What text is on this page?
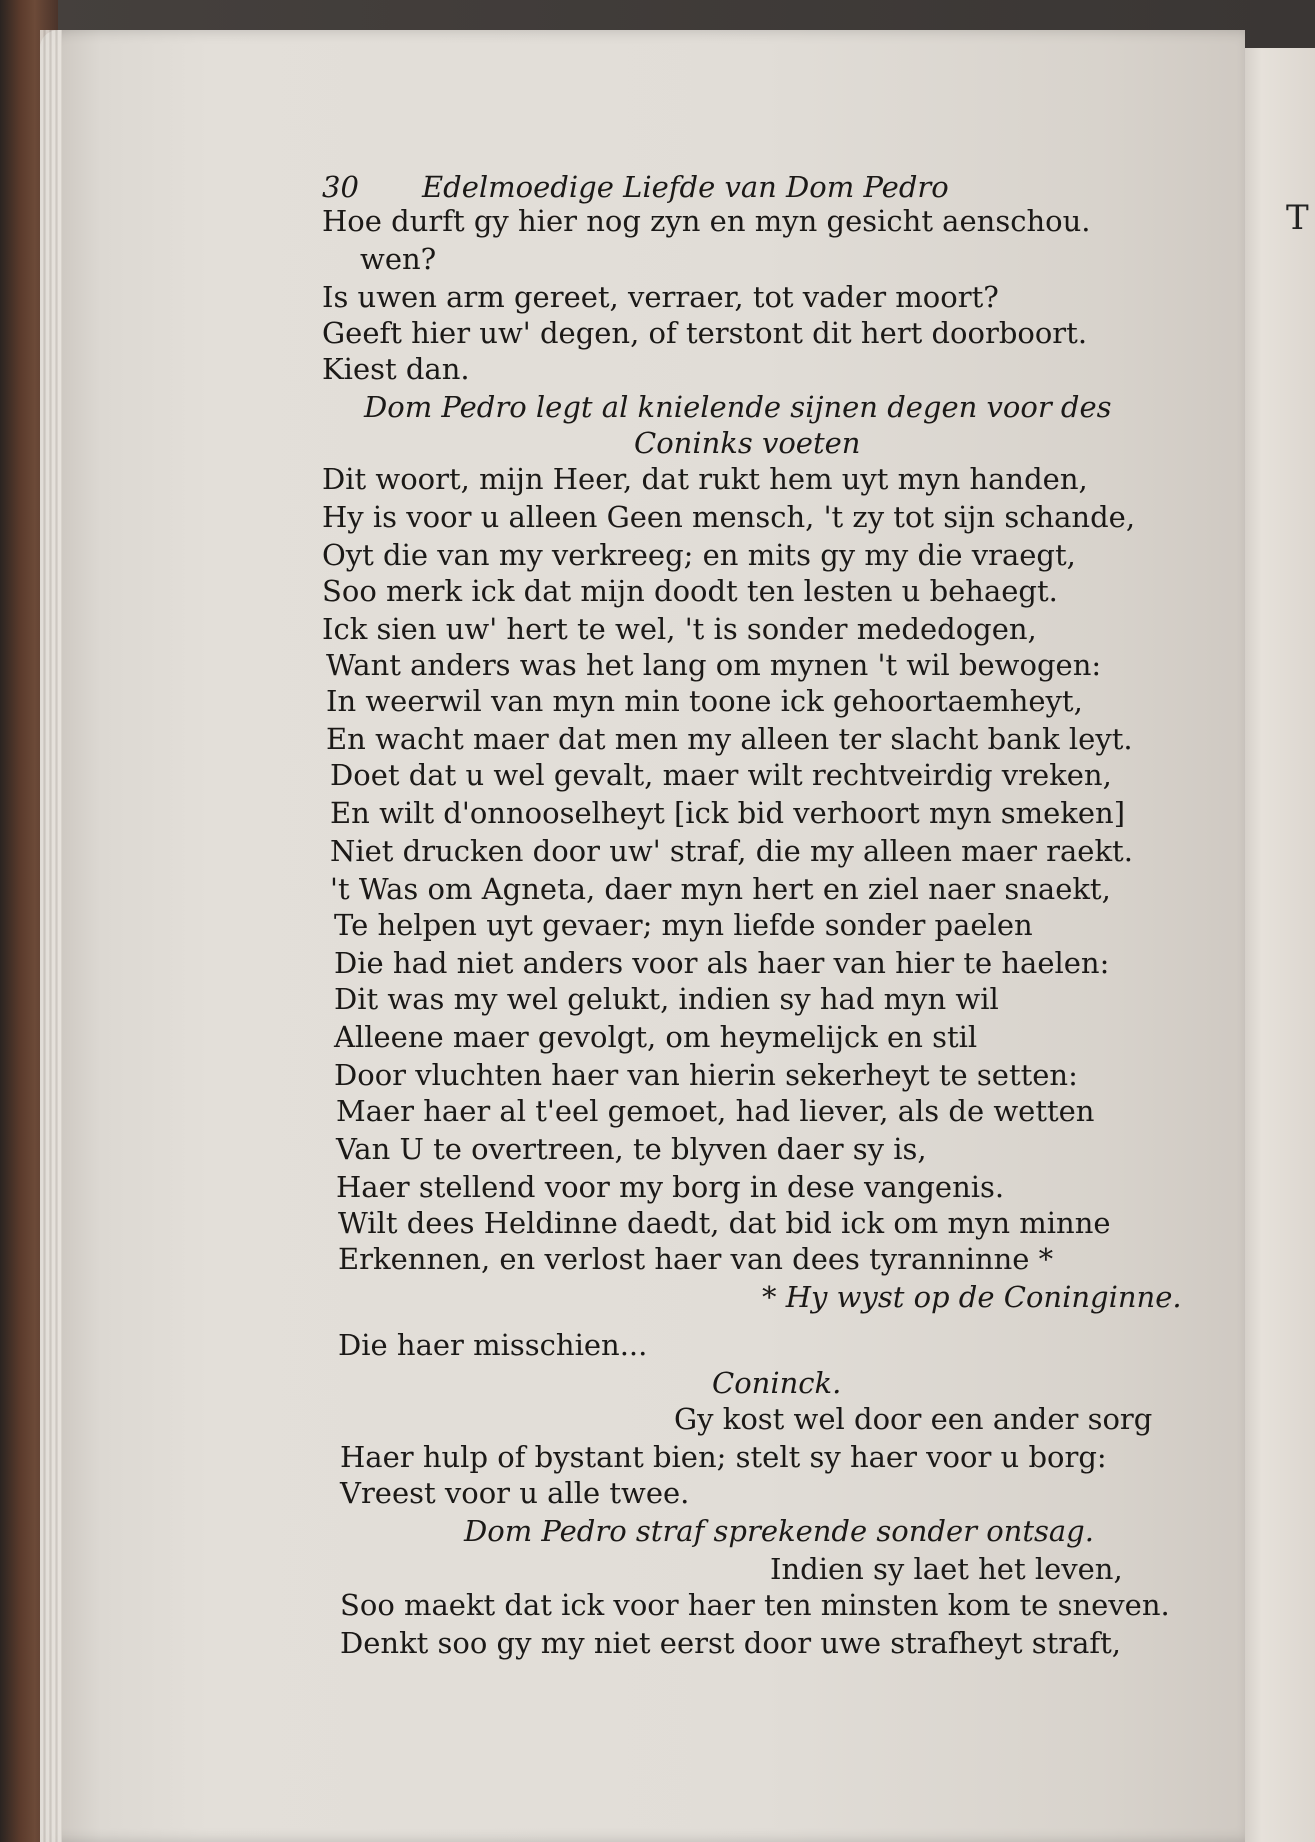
T
30 Edelmoedige Liefde van Dom Pedro
Hoe durft gy hier nog zyn en myn gesicht aenschou.
wen?
Is uwen arm gereet, verraer, tot vader moort?
Geeft hier uw' degen, of terstont dit hert doorboort.
Kiest dan.
Dom Pedro legt al knielende sijnen degen voor des
Coninks voeten
Dit woort, mijn Heer, dat rukt hem uyt myn handen,
Hy is voor u alleen Geen mensch, 't zy tot sijn schande,
Oyt die van my verkreeg; en mits gy my die vraegt,
Soo merk ick dat mijn doodt ten lesten u behaegt.
Ick sien uw' hert te wel, 't is sonder mededogen,
Want anders was het lang om mynen 't wil bewogen:
In weerwil van myn min toone ick gehoortaemheyt,
En wacht maer dat men my alleen ter slacht bank leyt.
Doet dat u wel gevalt, maer wilt rechtveirdig vreken,
En wilt d'onnooselheyt [ick bid verhoort myn smeken]
Niet drucken door uw' straf, die my alleen maer raekt.
't Was om Agneta, daer myn hert en ziel naer snaekt,
Te helpen uyt gevaer; myn liefde sonder paelen
Die had niet anders voor als haer van hier te haelen:
Dit was my wel gelukt, indien sy had myn wil
Alleene maer gevolgt, om heymelijck en stil
Door vluchten haer van hierin sekerheyt te setten:
Maer haer al t'eel gemoet, had liever, als de wetten
Van U te overtreen, te blyven daer sy is,
Haer stellend voor my borg in dese vangenis.
Wilt dees Heldinne daedt, dat bid ick om myn minne
Erkennen, en verlost haer van dees tyranninne *
* Hy wyst op de Coninginne.
Die haer misschien...
Coninck.
Gy kost wel door een ander sorg
Haer hulp of bystant bien; stelt sy haer voor u borg:
Vreest voor u alle twee.
Dom Pedro straf sprekende sonder ontsag.
Indien sy laet het leven,
Soo maekt dat ick voor haer ten minsten kom te sneven.
Denkt soo gy my niet eerst door uwe strafheyt straft,
